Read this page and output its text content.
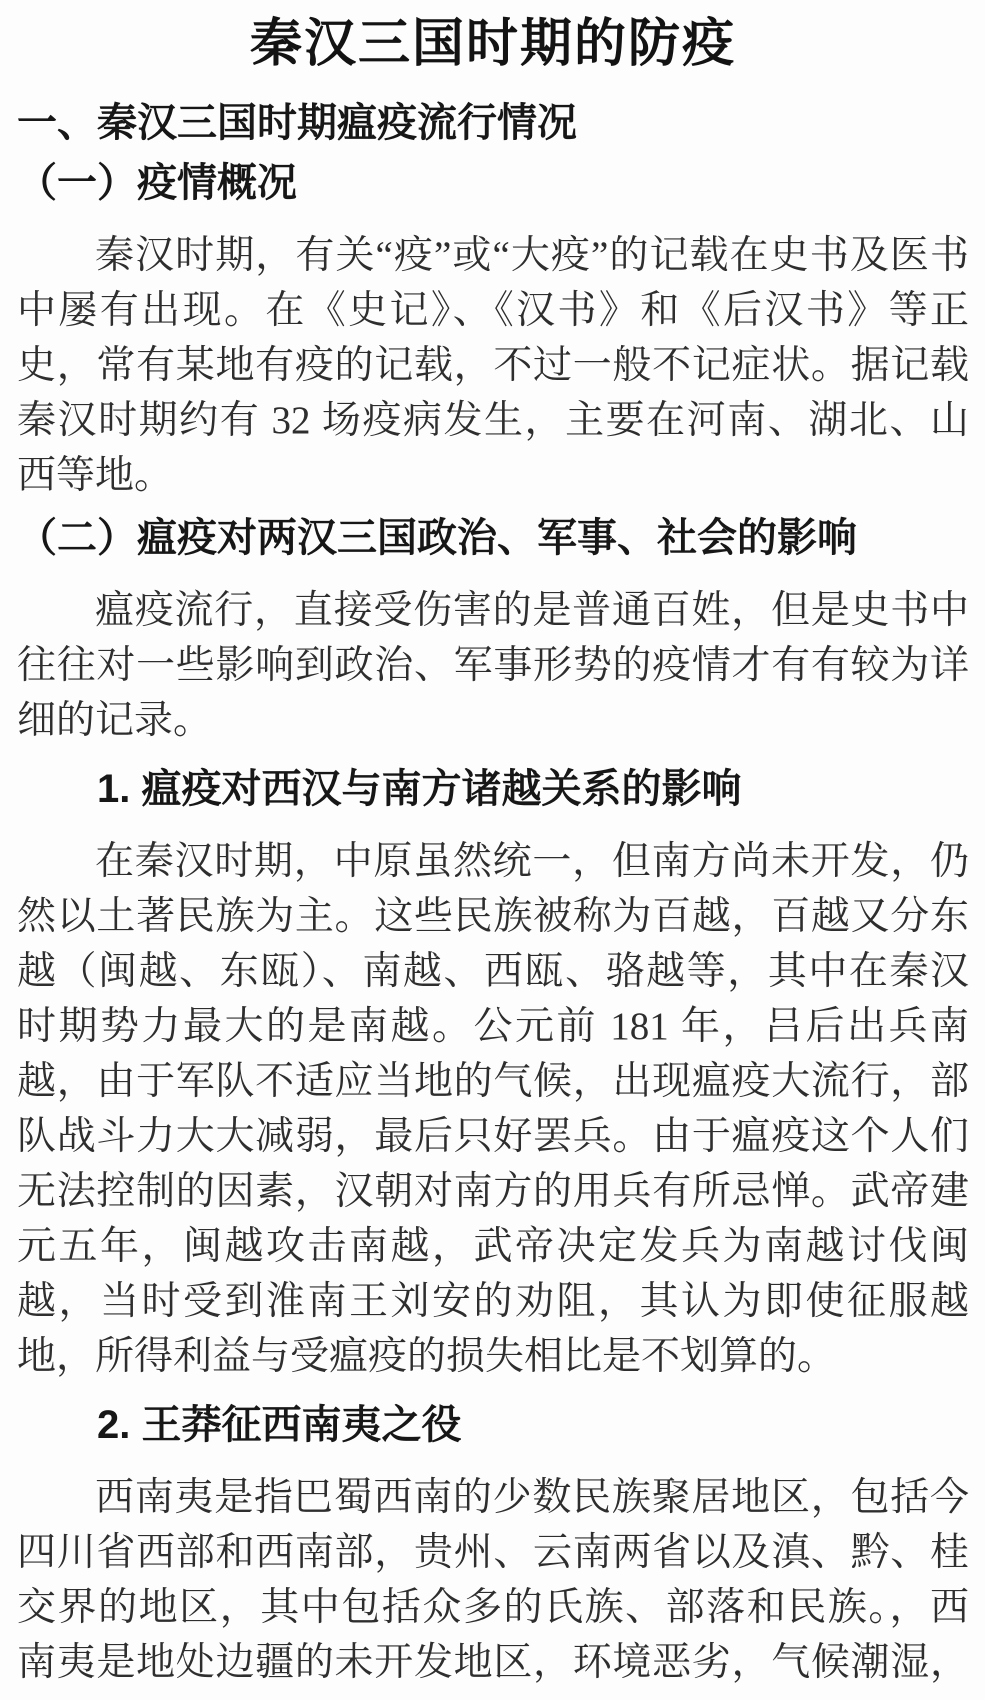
秦汉三国时期的防疫
一、秦汉三国时期瘟疫流行情况
（一）疫情概况

秦汉时期，有关“疫”或“大疫”的记载在史书及医书中屡有出现。在《史记》、《汉书》和《后汉书》等正史，常有某地有疫的记载，不过一般不记症状。据记载秦汉时期约有 32 场疫病发生，主要在河南、湖北、山西等地。

（二）瘟疫对两汉三国政治、军事、社会的影响

瘟疫流行，直接受伤害的是普通百姓，但是史书中往往对一些影响到政治、军事形势的疫情才有有较为详细的记录。

1. 瘟疫对西汉与南方诸越关系的影响

在秦汉时期，中原虽然统一，但南方尚未开发，仍然以土著民族为主。这些民族被称为百越，百越又分东越（闽越、东瓯）、南越、西瓯、骆越等，其中在秦汉时期势力最大的是南越。公元前 181 年，吕后出兵南越，由于军队不适应当地的气候，出现瘟疫大流行，部队战斗力大大减弱，最后只好罢兵。由于瘟疫这个人们无法控制的因素，汉朝对南方的用兵有所忌惮。武帝建元五年，闽越攻击南越，武帝决定发兵为南越讨伐闽越，当时受到淮南王刘安的劝阻，其认为即使征服越地，所得利益与受瘟疫的损失相比是不划算的。

2. 王莽征西南夷之役

西南夷是指巴蜀西南的少数民族聚居地区，包括今四川省西部和西南部，贵州、云南两省以及滇、黔、桂交界的地区，其中包括众多的氏族、部落和民族。，西南夷是地处边疆的未开发地区，环境恶劣，气候潮湿，
